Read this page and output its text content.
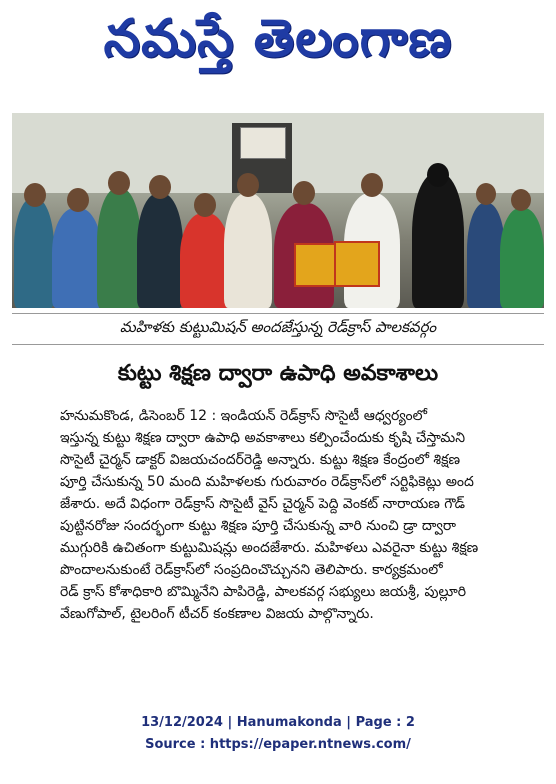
నమస్తే తెలంగాణ
మహిళకు కుట్టుమిషన్ అందజేస్తున్న రెడ్‌క్రాస్ పాలకవర్గం
కుట్టు శిక్షణ ద్వారా ఉపాధి అవకాశాలు

హనుమకొండ, డిసెంబర్ 12 : ఇండియన్ రెడ్‌క్రాస్ సొసైటీ ఆధ్వర్యంలో

ఇస్తున్న కుట్టు శిక్షణ ద్వారా ఉపాధి అవకాశాలు కల్పించేందుకు కృషి చేస్తామని

సొసైటీ చైర్మన్ డాక్టర్ విజయచందర్‌రెడ్డి అన్నారు. కుట్టు శిక్షణ కేంద్రంలో శిక్షణ

పూర్తి చేసుకున్న 50 మంది మహిళలకు గురువారం రెడ్‌క్రాస్‌లో సర్టిఫికెట్లు అంద

జేశారు. అదే విధంగా రెడ్‌క్రాస్ సొసైటీ వైస్ చైర్మన్ పెద్ది వెంకట్ నారాయణ గౌడ్

పుట్టినరోజు సందర్భంగా కుట్టు శిక్షణ పూర్తి చేసుకున్న వారి నుంచి డ్రా ద్వారా

ముగ్గురికి ఉచితంగా కుట్టుమిషన్లు అందజేశారు. మహిళలు ఎవరైనా కుట్టు శిక్షణ

పొందాలనుకుంటే రెడ్‌క్రాస్‌లో సంప్రదించొచ్చునని తెలిపారు. కార్యక్రమంలో

రెడ్ క్రాస్ కోశాధికారి బొమ్మినేని పాపిరెడ్డి, పాలకవర్గ సభ్యులు జయశ్రీ, పుల్లూరి

వేణుగోపాల్, టైలరింగ్ టీచర్ కంకణాల విజయ పాల్గొన్నారు.

13/12/2024 | Hanumakonda | Page : 2
Source : https://epaper.ntnews.com/
